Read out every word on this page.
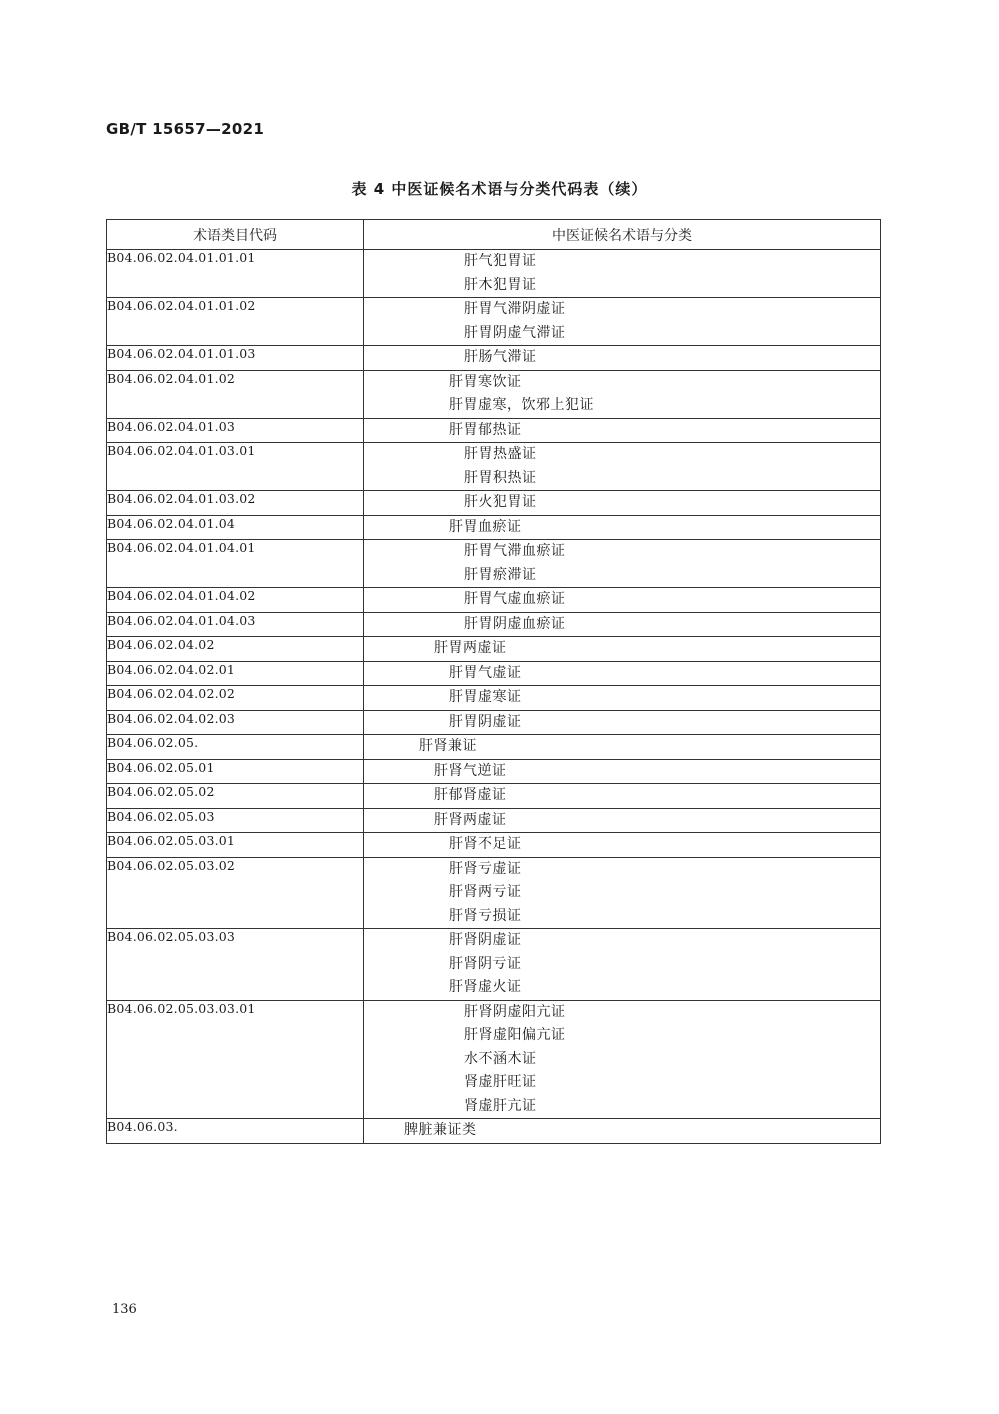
GB/T 15657—2021
表 4 中医证候名术语与分类代码表（续）
术语类目代码	中医证候名术语与分类
B04.06.02.04.01.01.01	肝气犯胃证
肝木犯胃证

B04.06.02.04.01.01.02	肝胃气滞阴虚证
肝胃阴虚气滞证

B04.06.02.04.01.01.03	肝肠气滞证

B04.06.02.04.01.02	肝胃寒饮证
肝胃虚寒，饮邪上犯证

B04.06.02.04.01.03	肝胃郁热证

B04.06.02.04.01.03.01	肝胃热盛证
肝胃积热证

B04.06.02.04.01.03.02	肝火犯胃证

B04.06.02.04.01.04	肝胃血瘀证

B04.06.02.04.01.04.01	肝胃气滞血瘀证
肝胃瘀滞证

B04.06.02.04.01.04.02	肝胃气虚血瘀证

B04.06.02.04.01.04.03	肝胃阴虚血瘀证

B04.06.02.04.02	肝胃两虚证

B04.06.02.04.02.01	肝胃气虚证

B04.06.02.04.02.02	肝胃虚寒证

B04.06.02.04.02.03	肝胃阴虚证

B04.06.02.05.	肝肾兼证

B04.06.02.05.01	肝肾气逆证

B04.06.02.05.02	肝郁肾虚证

B04.06.02.05.03	肝肾两虚证

B04.06.02.05.03.01	肝肾不足证

B04.06.02.05.03.02	肝肾亏虚证
肝肾两亏证
肝肾亏损证

B04.06.02.05.03.03	肝肾阴虚证
肝肾阴亏证
肝肾虚火证

B04.06.02.05.03.03.01	肝肾阴虚阳亢证
肝肾虚阳偏亢证
水不涵木证
肾虚肝旺证
肾虚肝亢证

B04.06.03.	脾脏兼证类
136
